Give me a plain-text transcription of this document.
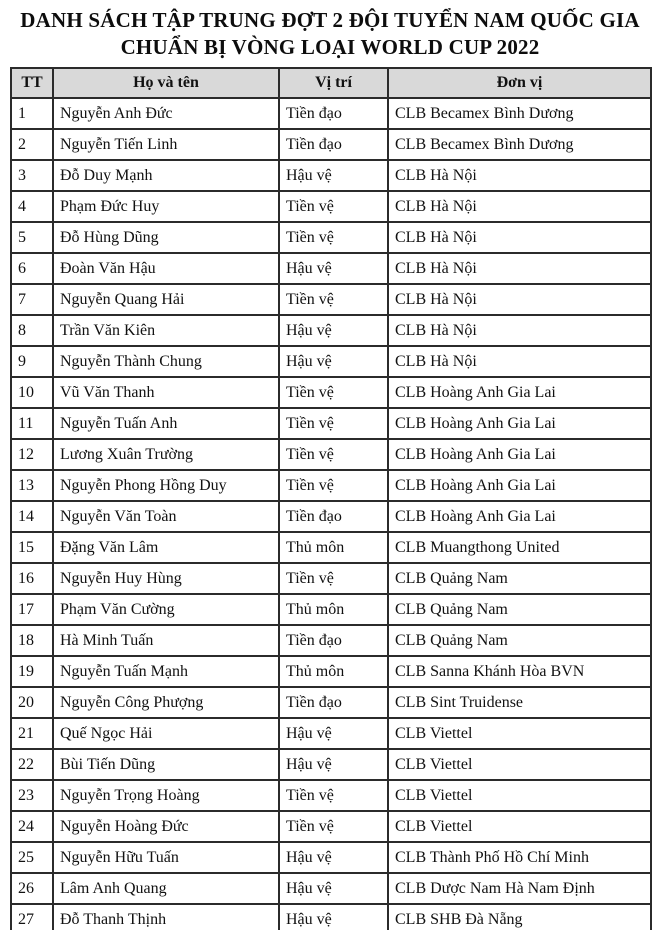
DANH SÁCH TẬP TRUNG ĐỢT 2 ĐỘI TUYỂN NAM QUỐC GIA
CHUẨN BỊ VÒNG LOẠI WORLD CUP 2022
TT	Họ và tên	Vị trí	Đơn vị
1	Nguyễn Anh Đức	Tiền đạo	CLB Becamex Bình Dương
2	Nguyễn Tiến Linh	Tiền đạo	CLB Becamex Bình Dương
3	Đỗ Duy Mạnh	Hậu vệ	CLB Hà Nội
4	Phạm Đức Huy	Tiền vệ	CLB Hà Nội
5	Đỗ Hùng Dũng	Tiền vệ	CLB Hà Nội
6	Đoàn Văn Hậu	Hậu vệ	CLB Hà Nội
7	Nguyễn Quang Hải	Tiền vệ	CLB Hà Nội
8	Trần Văn Kiên	Hậu vệ	CLB Hà Nội
9	Nguyễn Thành Chung	Hậu vệ	CLB Hà Nội
10	Vũ Văn Thanh	Tiền vệ	CLB Hoàng Anh Gia Lai
11	Nguyễn Tuấn Anh	Tiền vệ	CLB Hoàng Anh Gia Lai
12	Lương Xuân Trường	Tiền vệ	CLB Hoàng Anh Gia Lai
13	Nguyễn Phong Hồng Duy	Tiền vệ	CLB Hoàng Anh Gia Lai
14	Nguyễn Văn Toàn	Tiền đạo	CLB Hoàng Anh Gia Lai
15	Đặng Văn Lâm	Thủ môn	CLB Muangthong United
16	Nguyễn Huy Hùng	Tiền vệ	CLB Quảng Nam
17	Phạm Văn Cường	Thủ môn	CLB Quảng Nam
18	Hà Minh Tuấn	Tiền đạo	CLB Quảng Nam
19	Nguyễn Tuấn Mạnh	Thủ môn	CLB Sanna Khánh Hòa BVN
20	Nguyễn Công Phượng	Tiền đạo	CLB Sint Truidense
21	Quế Ngọc Hải	Hậu vệ	CLB Viettel
22	Bùi Tiến Dũng	Hậu vệ	CLB Viettel
23	Nguyễn Trọng Hoàng	Tiền vệ	CLB Viettel
24	Nguyễn Hoàng Đức	Tiền vệ	CLB Viettel
25	Nguyễn Hữu Tuấn	Hậu vệ	CLB Thành Phố Hồ Chí Minh
26	Lâm Anh Quang	Hậu vệ	CLB Dược Nam Hà Nam Định
27	Đỗ Thanh Thịnh	Hậu vệ	CLB SHB Đà Nẵng
